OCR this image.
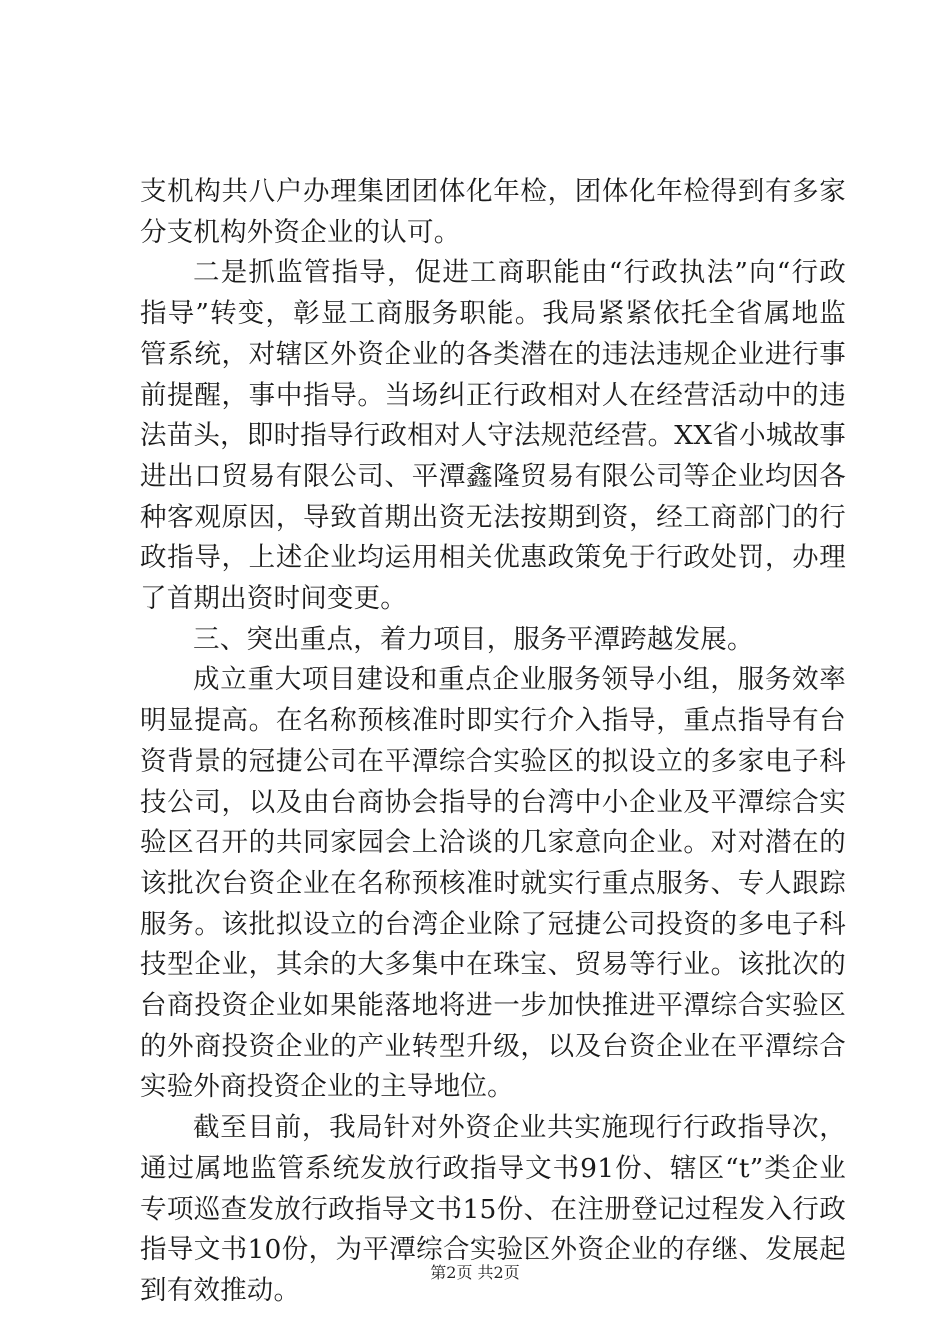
支机构共八户办理集团团体化年检，团体化年检得到有多家分支机构外资企业的认可。

二是抓监管指导，促进工商职能由“行政执法”向“行政指导”转变，彰显工商服务职能。我局紧紧依托全省属地监管系统，对辖区外资企业的各类潜在的违法违规企业进行事前提醒，事中指导。当场纠正行政相对人在经营活动中的违法苗头，即时指导行政相对人守法规范经营。XX省小城故事进出口贸易有限公司、平潭鑫隆贸易有限公司等企业均因各种客观原因，导致首期出资无法按期到资，经工商部门的行政指导，上述企业均运用相关优惠政策免于行政处罚，办理了首期出资时间变更。

三、突出重点，着力项目，服务平潭跨越发展。

成立重大项目建设和重点企业服务领导小组，服务效率明显提高。在名称预核准时即实行介入指导，重点指导有台资背景的冠捷公司在平潭综合实验区的拟设立的多家电子科技公司，以及由台商协会指导的台湾中小企业及平潭综合实验区召开的共同家园会上洽谈的几家意向企业。对对潜在的该批次台资企业在名称预核准时就实行重点服务、专人跟踪服务。该批拟设立的台湾企业除了冠捷公司投资的多电子科技型企业，其余的大多集中在珠宝、贸易等行业。该批次的台商投资企业如果能落地将进一步加快推进平潭综合实验区的外商投资企业的产业转型升级，以及台资企业在平潭综合实验外商投资企业的主导地位。

截至目前，我局针对外资企业共实施现行行政指导次，通过属地监管系统发放行政指导文书91份、辖区“t”类企业专项巡查发放行政指导文书15份、在注册登记过程发入行政指导文书10份，为平潭综合实验区外资企业的存继、发展起到有效推动。

第2页 共2页
